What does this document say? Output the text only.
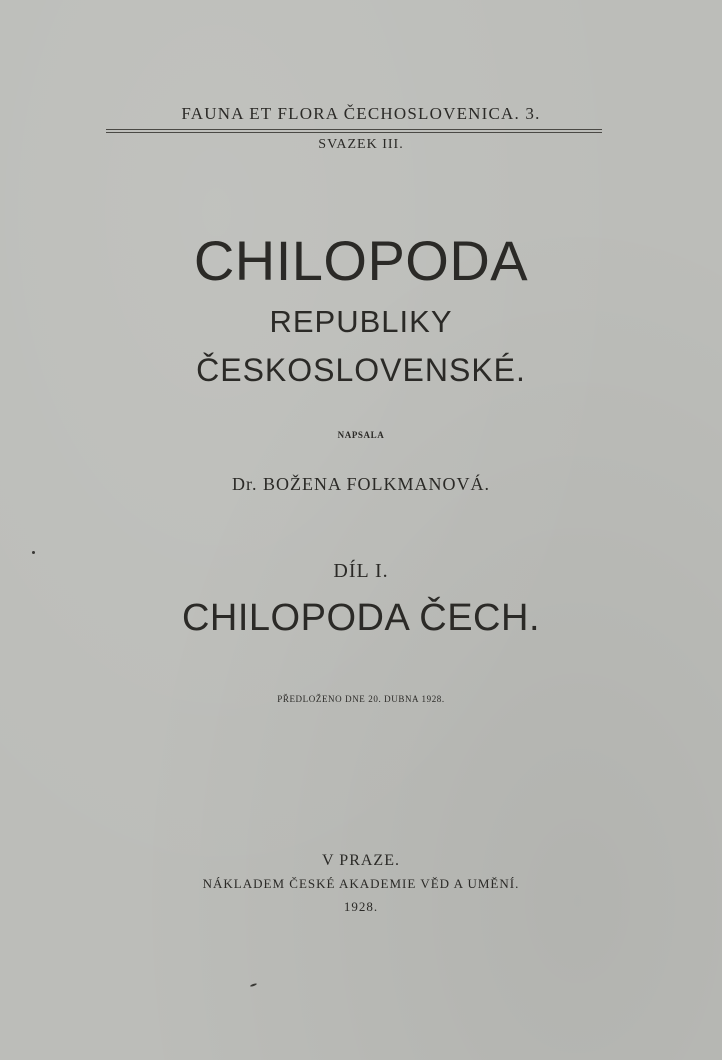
FAUNA ET FLORA ČECHOSLOVENICA. 3.
SVAZEK III.
CHILOPODA
REPUBLIKY
ČESKOSLOVENSKÉ.
NAPSALA
Dr. BOŽENA FOLKMANOVÁ.
DÍL I.
CHILOPODA ČECH.
PŘEDLOŽENO DNE 20. DUBNA 1928.
V PRAZE.
NÁKLADEM ČESKÉ AKADEMIE VĚD A UMĚNÍ.
1928.
